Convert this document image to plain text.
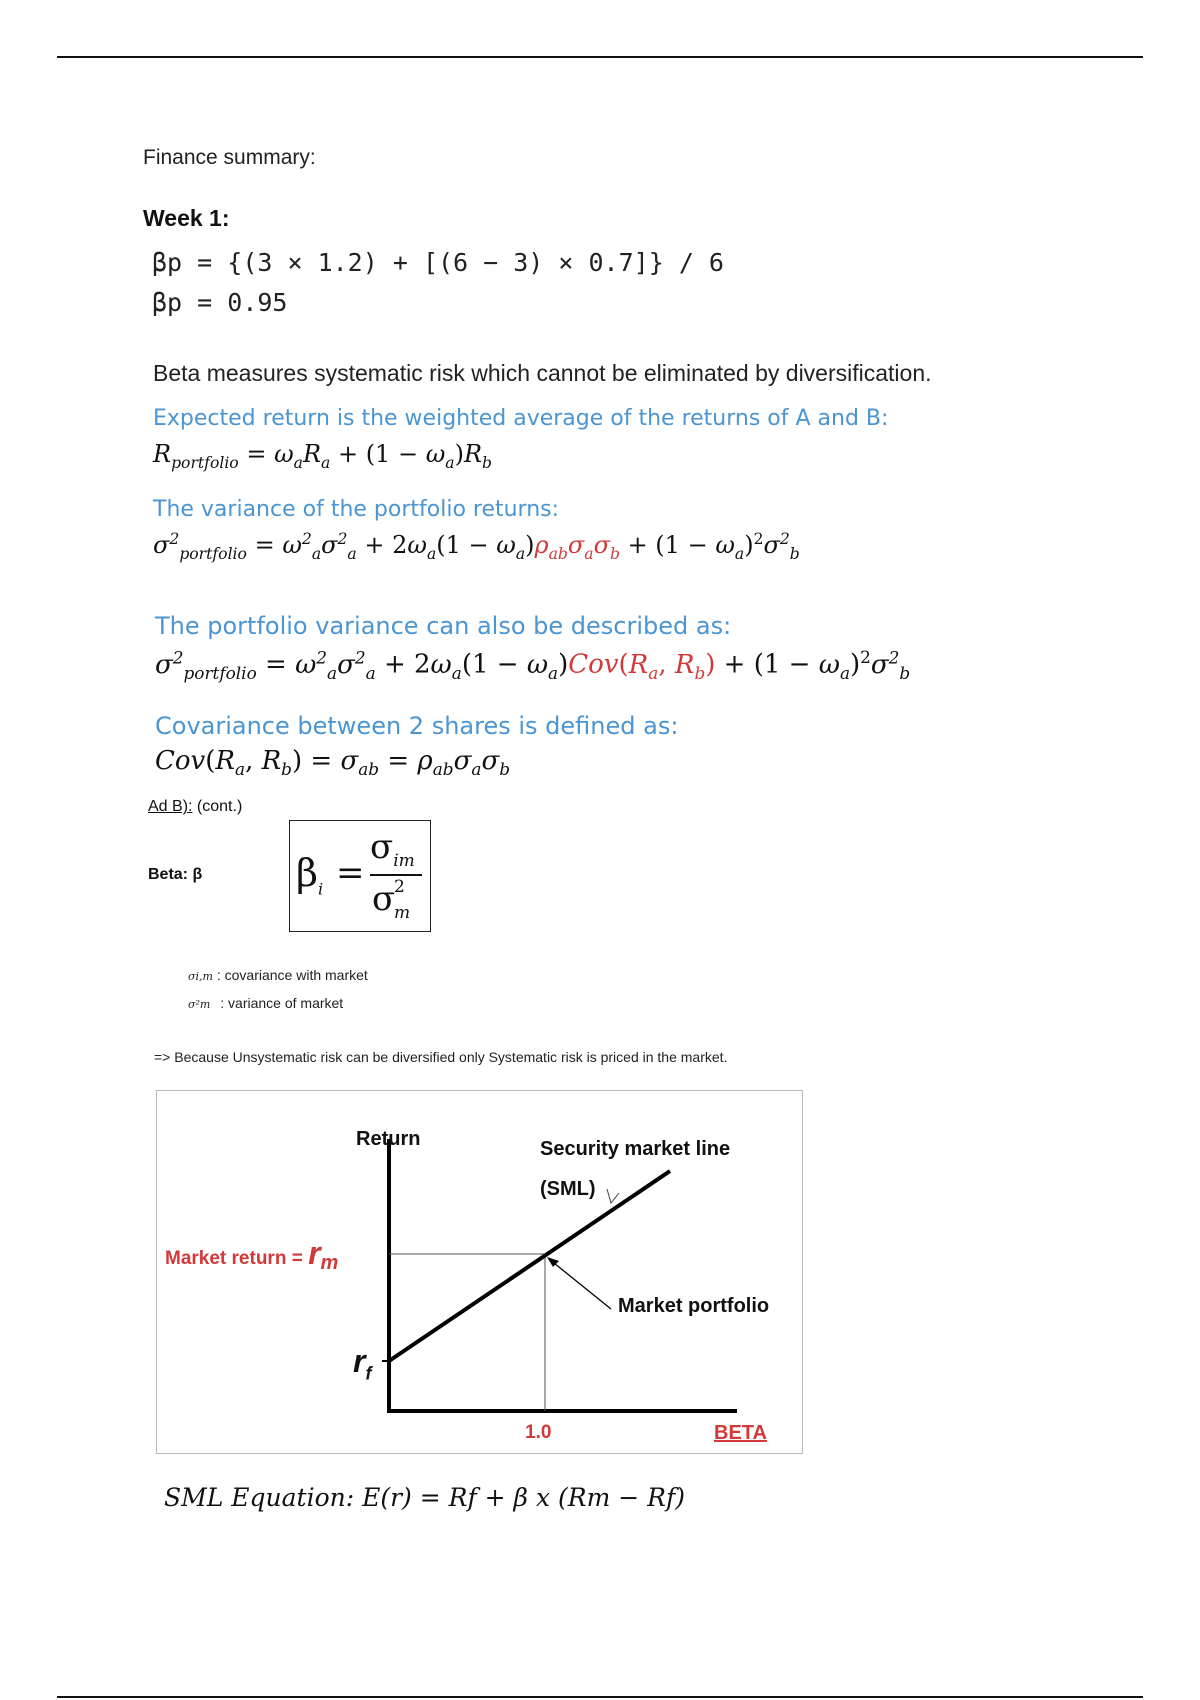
Finance summary:
Week 1:
βp = {(3 × 1.2) + [(6 − 3) × 0.7]} / 6
βp = 0.95
Beta measures systematic risk which cannot be eliminated by diversification.
Expected return is the weighted average of the returns of A and B:
$R_{portfolio} = \omega_aR_a + (1 - \omega_a)R_b$
The variance of the portfolio returns:
$\sigma^2_{portfolio} = \omega^2_a\sigma^2_a + 2\omega_a(1 - \omega_a)\rho_{ab}\sigma_a\sigma_b + (1 - \omega_a)^2\sigma^2_b$
The portfolio variance can also be described as:
$\sigma^2_{portfolio} = \omega^2_a\sigma^2_a + 2\omega_a(1 - \omega_a)Cov(R_a$, $R_b) + (1 - \omega_a)^2\sigma^2_b$
Covariance between 2 shares is defined as:
$Cov(R_a$, $R_b) = \sigma_{ab} = \rho_{ab}\sigma_a\sigma_b$
Ad B): (cont.)
Beta: β $\beta_i$ =
$\sigma_{im}$
σ
2
m
σi,m : covariance with market
σ²m : variance of market
=> Because Unsystematic risk can be diversified only Systematic risk is priced in the market.
Return	Security market line
(SML)
Market return = $r_m$
$r_f$
Market portfolio
1.0	BETA
SML Equation: E(r) = Rf + β x (Rm − Rf)
